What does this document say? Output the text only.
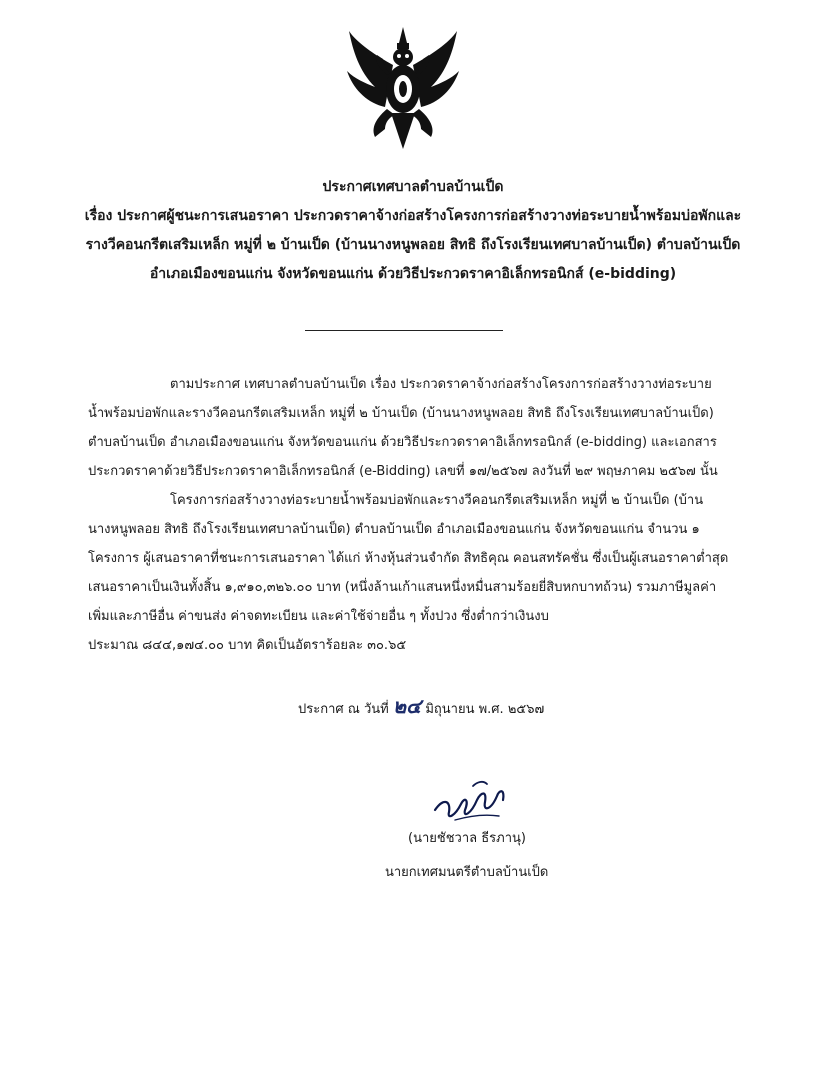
ประกาศเทศบาลตำบลบ้านเป็ด
เรื่อง ประกาศผู้ชนะการเสนอราคา ประกวดราคาจ้างก่อสร้างโครงการก่อสร้างวางท่อระบายน้ำพร้อมบ่อพักและ
รางวีคอนกรีตเสริมเหล็ก หมู่ที่ ๒ บ้านเป็ด (บ้านนางหนูพลอย สิทธิ ถึงโรงเรียนเทศบาลบ้านเป็ด) ตำบลบ้านเป็ด
อำเภอเมืองขอนแก่น จังหวัดขอนแก่น ด้วยวิธีประกวดราคาอิเล็กทรอนิกส์ (e-bidding)
ตามประกาศ เทศบาลตำบลบ้านเป็ด เรื่อง ประกวดราคาจ้างก่อสร้างโครงการก่อสร้างวางท่อระบาย
น้ำพร้อมบ่อพักและรางวีคอนกรีตเสริมเหล็ก หมู่ที่ ๒ บ้านเป็ด (บ้านนางหนูพลอย สิทธิ ถึงโรงเรียนเทศบาลบ้านเป็ด)
ตำบลบ้านเป็ด อำเภอเมืองขอนแก่น จังหวัดขอนแก่น ด้วยวิธีประกวดราคาอิเล็กทรอนิกส์ (e-bidding) และเอกสาร
ประกวดราคาด้วยวิธีประกวดราคาอิเล็กทรอนิกส์ (e-Bidding) เลขที่ ๑๗/๒๕๖๗ ลงวันที่ ๒๙ พฤษภาคม ๒๕๖๗ นั้น
โครงการก่อสร้างวางท่อระบายน้ำพร้อมบ่อพักและรางวีคอนกรีตเสริมเหล็ก หมู่ที่ ๒ บ้านเป็ด (บ้าน
นางหนูพลอย สิทธิ ถึงโรงเรียนเทศบาลบ้านเป็ด) ตำบลบ้านเป็ด อำเภอเมืองขอนแก่น จังหวัดขอนแก่น จำนวน ๑
โครงการ ผู้เสนอราคาที่ชนะการเสนอราคา ได้แก่ ห้างหุ้นส่วนจำกัด สิทธิคุณ คอนสทรัคชั่น ซึ่งเป็นผู้เสนอราคาต่ำสุด
เสนอราคาเป็นเงินทั้งสิ้น ๑,๙๑๐,๓๒๖.๐๐ บาท (หนึ่งล้านเก้าแสนหนึ่งหมื่นสามร้อยยี่สิบหกบาทถ้วน) รวมภาษีมูลค่า
เพิ่มและภาษีอื่น ค่าขนส่ง ค่าจดทะเบียน และค่าใช้จ่ายอื่น ๆ ทั้งปวง ซึ่งต่ำกว่าเงินงบ
ประมาณ ๘๔๔,๑๗๔.๐๐ บาท คิดเป็นอัตราร้อยละ ๓๐.๖๕
ประกาศ ณ วันที่ ๒๔ มิถุนายน พ.ศ. ๒๕๖๗
(นายชัชวาล ธีรภานุ)
นายกเทศมนตรีตำบลบ้านเป็ด
